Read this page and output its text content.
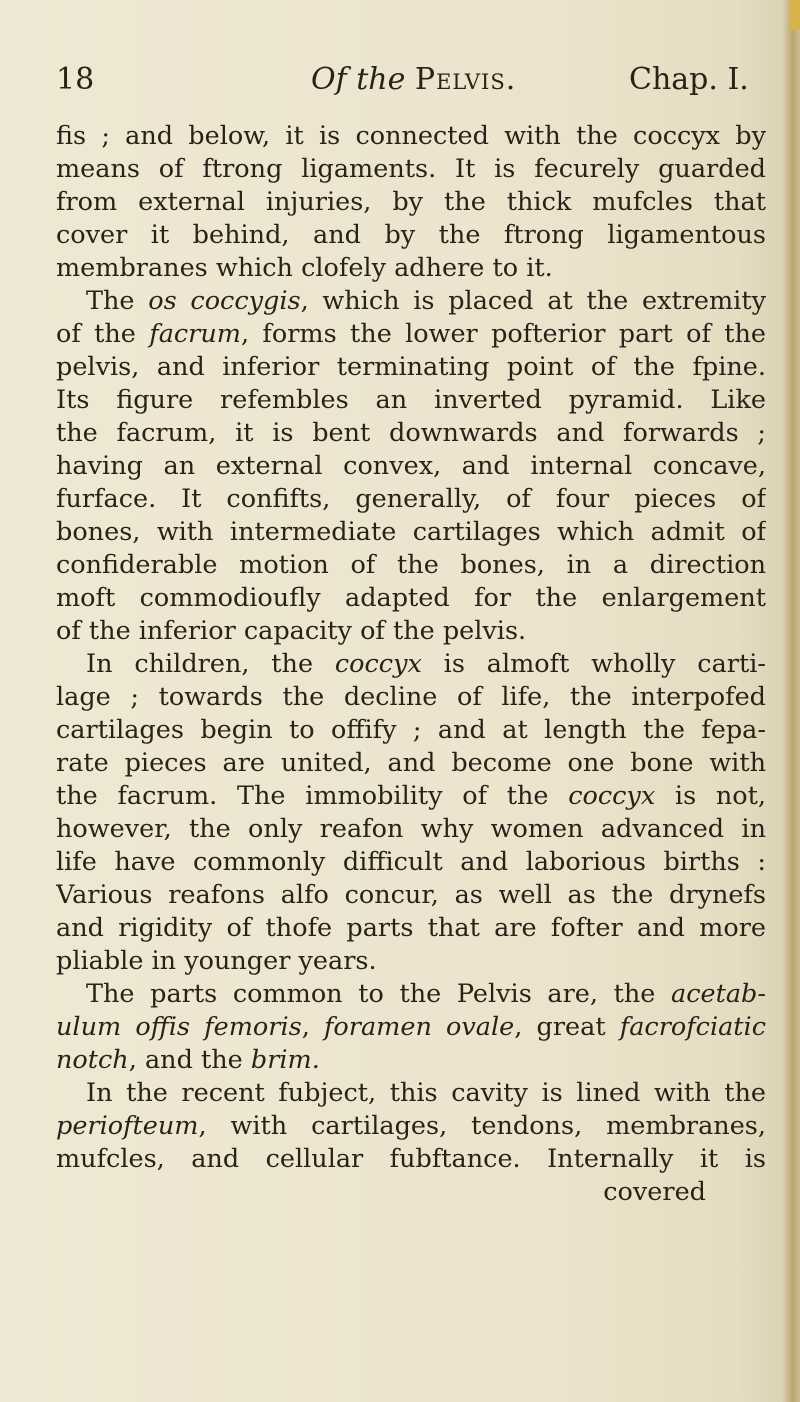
18	Of the Pelvis.	Chap. I.
fis ; and below, it is connected with the coccyx by
means of ftrong ligaments. It is fecurely guarded
from external injuries, by the thick mufcles that
cover it behind, and by the ftrong ligamentous
membranes which clofely adhere to it.
The os coccygis, which is placed at the extremity
of the facrum, forms the lower pofterior part of the
pelvis, and inferior terminating point of the fpine.
Its figure refembles an inverted pyramid. Like
the facrum, it is bent downwards and forwards ;
having an external convex, and internal concave,
furface. It confifts, generally, of four pieces of
bones, with intermediate cartilages which admit of
confiderable motion of the bones, in a direction
moft commodioufly adapted for the enlargement
of the inferior capacity of the pelvis.
In children, the coccyx is almoft wholly carti-
lage ; towards the decline of life, the interpofed
cartilages begin to offify ; and at length the fepa-
rate pieces are united, and become one bone with
the facrum. The immobility of the coccyx is not,
however, the only reafon why women advanced in
life have commonly difficult and laborious births :
Various reafons alfo concur, as well as the drynefs
and rigidity of thofe parts that are fofter and more
pliable in younger years.
The parts common to the Pelvis are, the acetab-
ulum offis femoris, foramen ovale, great facrofciatic
notch, and the brim.
In the recent fubject, this cavity is lined with the
periofteum, with cartilages, tendons, membranes,
mufcles, and cellular fubftance. Internally it is
covered
